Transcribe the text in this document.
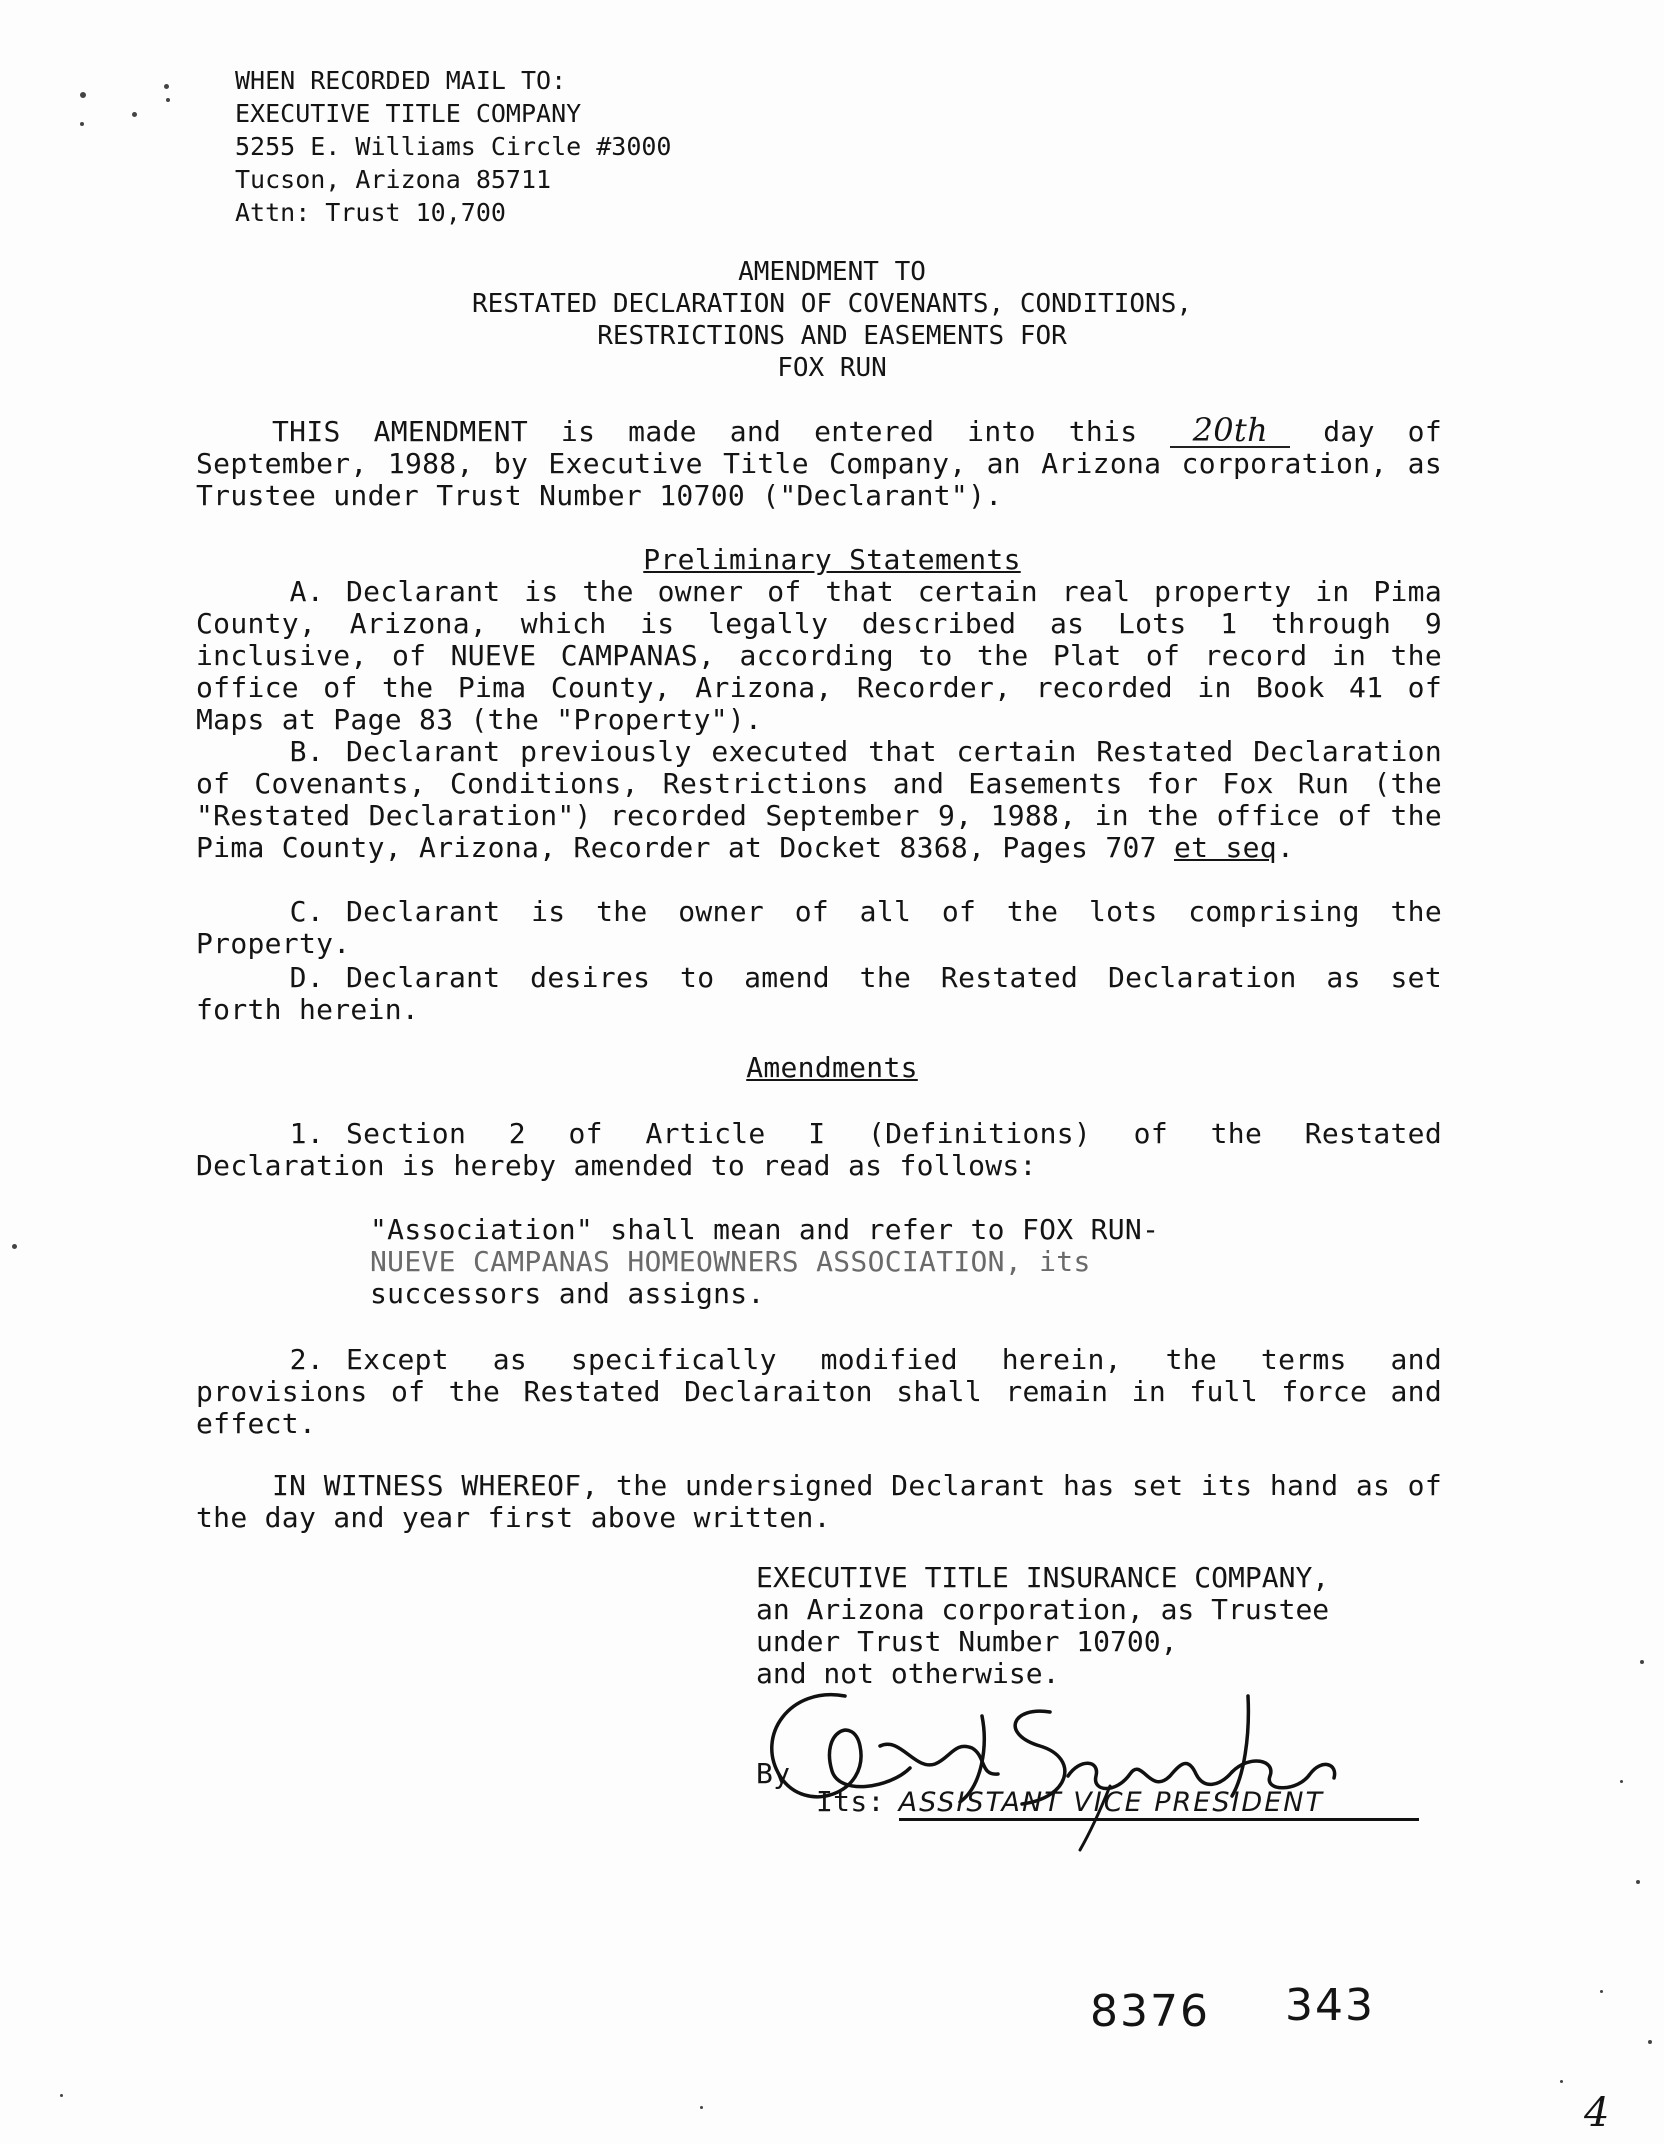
WHEN RECORDED MAIL TO:
EXECUTIVE TITLE COMPANY
5255 E. Williams Circle #3000
Tucson, Arizona 85711
Attn: Trust 10,700
AMENDMENT TO
RESTATED DECLARATION OF COVENANTS, CONDITIONS,
RESTRICTIONS AND EASEMENTS FOR
FOX RUN
THIS AMENDMENT is made and entered into this 20th day of September, 1988, by Executive Title Company, an Arizona corporation, as Trustee under Trust Number 10700 ("Declarant").
Preliminary Statements
A. Declarant is the owner of that certain real property in Pima County, Arizona, which is legally described as Lots 1 through 9 inclusive, of NUEVE CAMPANAS, according to the Plat of record in the office of the Pima County, Arizona, Recorder, recorded in Book 41 of Maps at Page 83 (the "Property").
B. Declarant previously executed that certain Restated Declaration of Covenants, Conditions, Restrictions and Easements for Fox Run (the "Restated Declaration") recorded September 9, 1988, in the office of the Pima County, Arizona, Recorder at Docket 8368, Pages 707 et seq.
C. Declarant is the owner of all of the lots comprising the Property.
D. Declarant desires to amend the Restated Declaration as set forth herein.
Amendments
1. Section 2 of Article I (Definitions) of the Restated Declaration is hereby amended to read as follows:
"Association" shall mean and refer to FOX RUN-
NUEVE CAMPANAS HOMEOWNERS ASSOCIATION, its
successors and assigns.
2. Except as specifically modified herein, the terms and provisions of the Restated Declaraiton shall remain in full force and effect.
IN WITNESS WHEREOF, the undersigned Declarant has set its hand as of the day and year first above written.
EXECUTIVE TITLE INSURANCE COMPANY,
an Arizona corporation, as Trustee
under Trust Number 10700,
and not otherwise.
By
Its: ASSISTANT VICE PRESIDENT
8376 343
4
